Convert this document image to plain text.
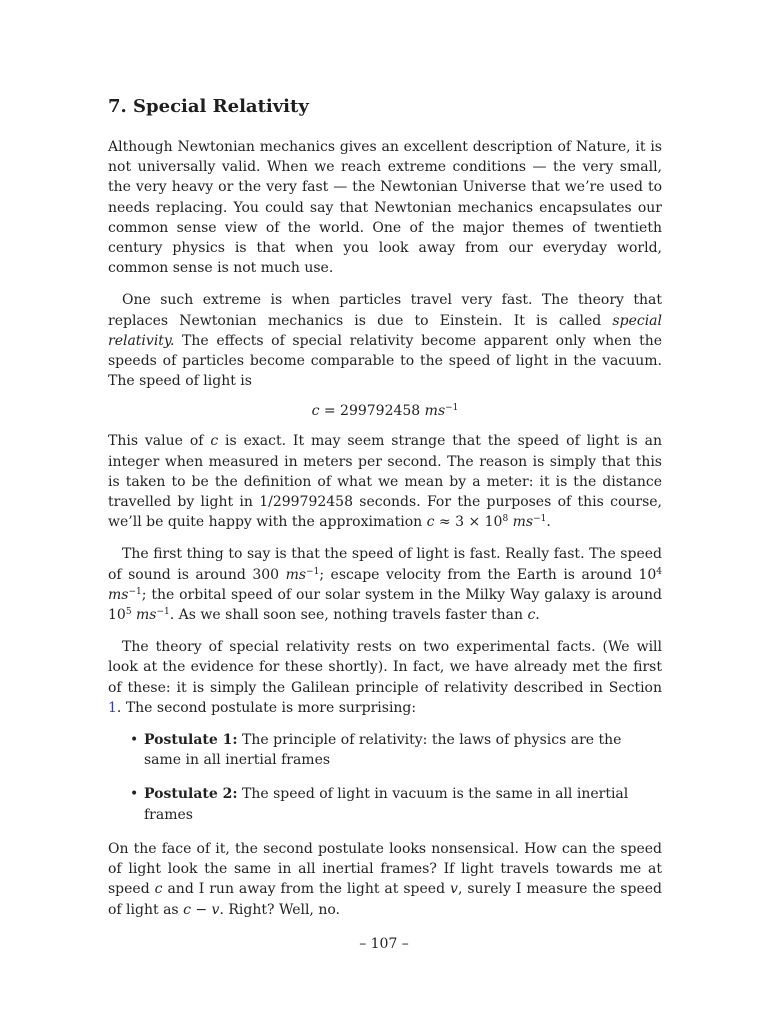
7. Special Relativity

Although Newtonian mechanics gives an excellent description of Nature, it is not universally valid. When we reach extreme conditions — the very small, the very heavy or the very fast — the Newtonian Universe that we’re used to needs replacing. You could say that Newtonian mechanics encapsulates our common sense view of the world. One of the major themes of twentieth century physics is that when you look away from our everyday world, common sense is not much use.

One such extreme is when particles travel very fast. The theory that replaces Newtonian mechanics is due to Einstein. It is called special relativity. The effects of special relativity become apparent only when the speeds of particles become comparable to the speed of light in the vacuum. The speed of light is

c = 299792458 $ms^{-1}$

This value of c is exact. It may seem strange that the speed of light is an integer when measured in meters per second. The reason is simply that this is taken to be the definition of what we mean by a meter: it is the distance travelled by light in 1/299792458 seconds. For the purposes of this course, we’ll be quite happy with the approximation $c \approx 3 \times 10^8$ $ms^{-1}$.

The first thing to say is that the speed of light is fast. Really fast. The speed of sound is around 300 $ms^{-1}$; escape velocity from the Earth is around $10^4$ $ms^{-1}$; the orbital speed of our solar system in the Milky Way galaxy is around $10^5$ $ms^{-1}$. As we shall soon see, nothing travels faster than c.

The theory of special relativity rests on two experimental facts. (We will look at the evidence for these shortly). In fact, we have already met the first of these: it is simply the Galilean principle of relativity described in Section 1. The second postulate is more surprising:

• Postulate 1: The principle of relativity: the laws of physics are the same in all inertial frames
• Postulate 2: The speed of light in vacuum is the same in all inertial frames

On the face of it, the second postulate looks nonsensical. How can the speed of light look the same in all inertial frames? If light travels towards me at speed c and I run away from the light at speed v, surely I measure the speed of light as c − v. Right? Well, no.

– 107 –
